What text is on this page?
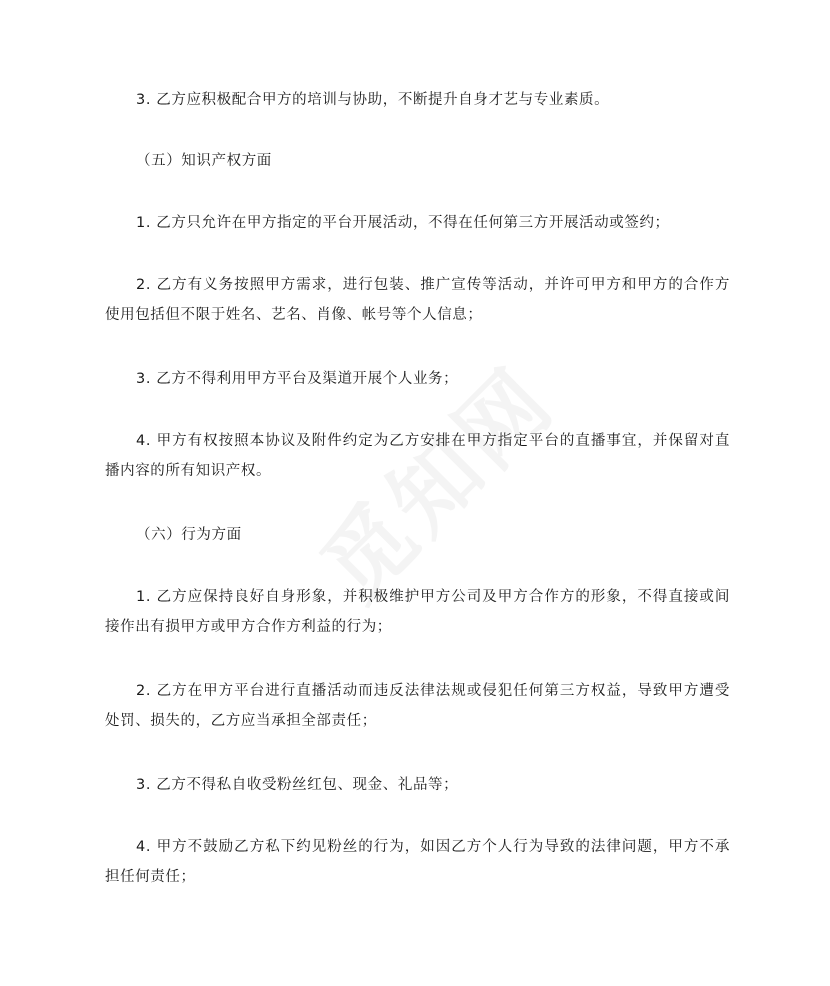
3. 乙方应积极配合甲方的培训与协助，不断提升自身才艺与专业素质。

（五）知识产权方面

1. 乙方只允许在甲方指定的平台开展活动，不得在任何第三方开展活动或签约；

2. 乙方有义务按照甲方需求，进行包装、推广宣传等活动，并许可甲方和甲方的合作方使用包括但不限于姓名、艺名、肖像、帐号等个人信息；

3. 乙方不得利用甲方平台及渠道开展个人业务；

4. 甲方有权按照本协议及附件约定为乙方安排在甲方指定平台的直播事宜，并保留对直播内容的所有知识产权。

（六）行为方面

1. 乙方应保持良好自身形象，并积极维护甲方公司及甲方合作方的形象，不得直接或间接作出有损甲方或甲方合作方利益的行为；

2. 乙方在甲方平台进行直播活动而违反法律法规或侵犯任何第三方权益，导致甲方遭受处罚、损失的，乙方应当承担全部责任；

3. 乙方不得私自收受粉丝红包、现金、礼品等；

4. 甲方不鼓励乙方私下约见粉丝的行为，如因乙方个人行为导致的法律问题，甲方不承担任何责任；
